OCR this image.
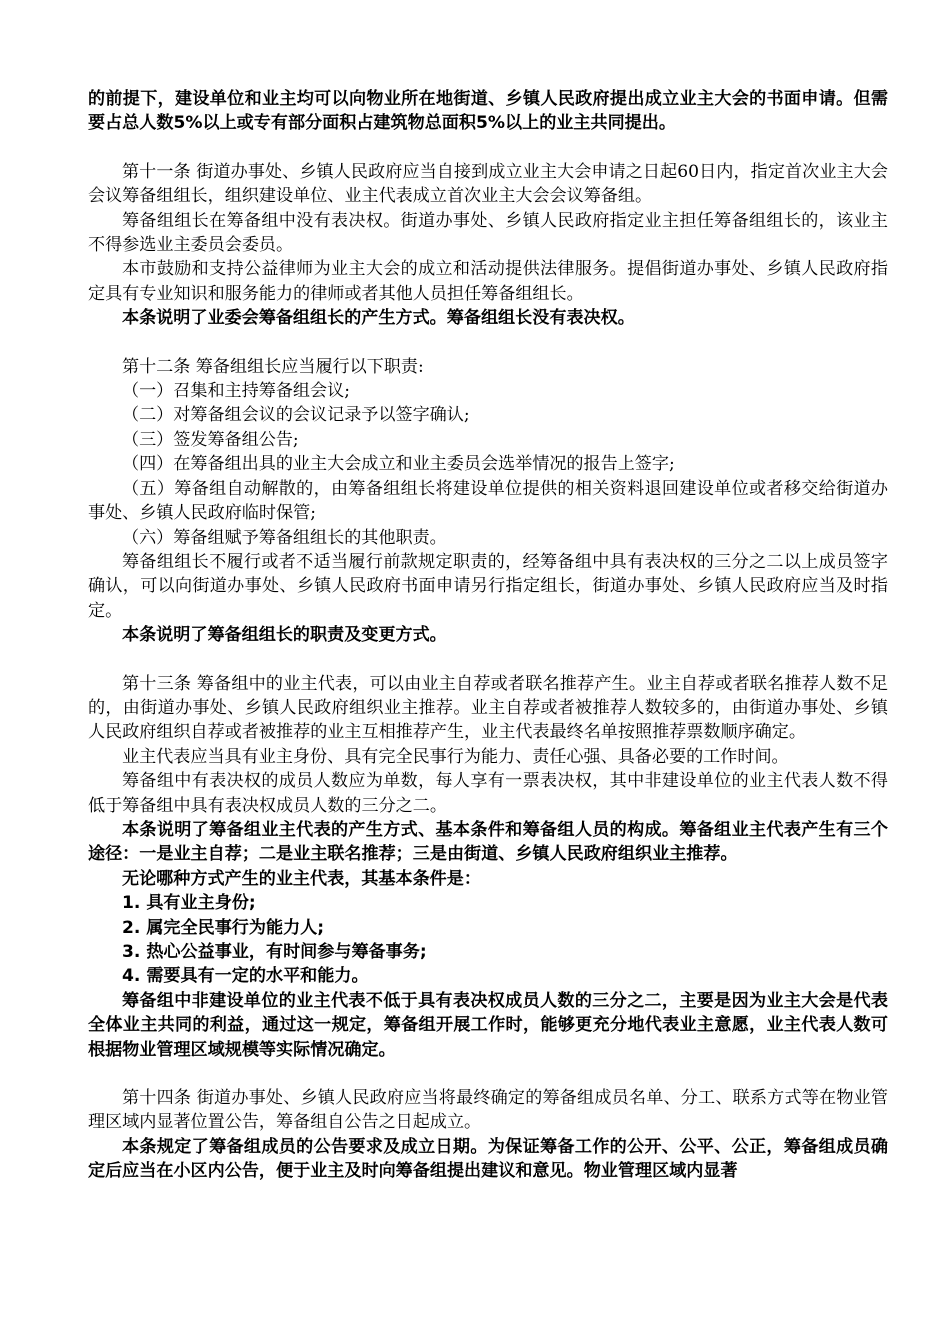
的前提下，建设单位和业主均可以向物业所在地街道、乡镇人民政府提出成立业主大会的书面申请。但需要占总人数5%以上或专有部分面积占建筑物总面积5%以上的业主共同提出。

第十一条 街道办事处、乡镇人民政府应当自接到成立业主大会申请之日起60日内，指定首次业主大会会议筹备组组长，组织建设单位、业主代表成立首次业主大会会议筹备组。

筹备组组长在筹备组中没有表决权。街道办事处、乡镇人民政府指定业主担任筹备组组长的，该业主不得参选业主委员会委员。

本市鼓励和支持公益律师为业主大会的成立和活动提供法律服务。提倡街道办事处、乡镇人民政府指定具有专业知识和服务能力的律师或者其他人员担任筹备组组长。

本条说明了业委会筹备组组长的产生方式。筹备组组长没有表决权。

第十二条 筹备组组长应当履行以下职责:

（一）召集和主持筹备组会议;

（二）对筹备组会议的会议记录予以签字确认;

（三）签发筹备组公告;

（四）在筹备组出具的业主大会成立和业主委员会选举情况的报告上签字;

（五）筹备组自动解散的，由筹备组组长将建设单位提供的相关资料退回建设单位或者移交给街道办事处、乡镇人民政府临时保管;

（六）筹备组赋予筹备组组长的其他职责。

筹备组组长不履行或者不适当履行前款规定职责的，经筹备组中具有表决权的三分之二以上成员签字确认，可以向街道办事处、乡镇人民政府书面申请另行指定组长，街道办事处、乡镇人民政府应当及时指定。

本条说明了筹备组组长的职责及变更方式。

第十三条 筹备组中的业主代表，可以由业主自荐或者联名推荐产生。业主自荐或者联名推荐人数不足的，由街道办事处、乡镇人民政府组织业主推荐。业主自荐或者被推荐人数较多的，由街道办事处、乡镇人民政府组织自荐或者被推荐的业主互相推荐产生，业主代表最终名单按照推荐票数顺序确定。

业主代表应当具有业主身份、具有完全民事行为能力、责任心强、具备必要的工作时间。

筹备组中有表决权的成员人数应为单数，每人享有一票表决权，其中非建设单位的业主代表人数不得低于筹备组中具有表决权成员人数的三分之二。

本条说明了筹备组业主代表的产生方式、基本条件和筹备组人员的构成。筹备组业主代表产生有三个途径：一是业主自荐；二是业主联名推荐；三是由街道、乡镇人民政府组织业主推荐。

无论哪种方式产生的业主代表，其基本条件是：

1. 具有业主身份;

2. 属完全民事行为能力人;

3. 热心公益事业，有时间参与筹备事务;

4. 需要具有一定的水平和能力。

筹备组中非建设单位的业主代表不低于具有表决权成员人数的三分之二，主要是因为业主大会是代表全体业主共同的利益，通过这一规定，筹备组开展工作时，能够更充分地代表业主意愿，业主代表人数可根据物业管理区域规模等实际情况确定。

第十四条 街道办事处、乡镇人民政府应当将最终确定的筹备组成员名单、分工、联系方式等在物业管理区域内显著位置公告，筹备组自公告之日起成立。

本条规定了筹备组成员的公告要求及成立日期。为保证筹备工作的公开、公平、公正，筹备组成员确定后应当在小区内公告，便于业主及时向筹备组提出建议和意见。物业管理区域内显著
